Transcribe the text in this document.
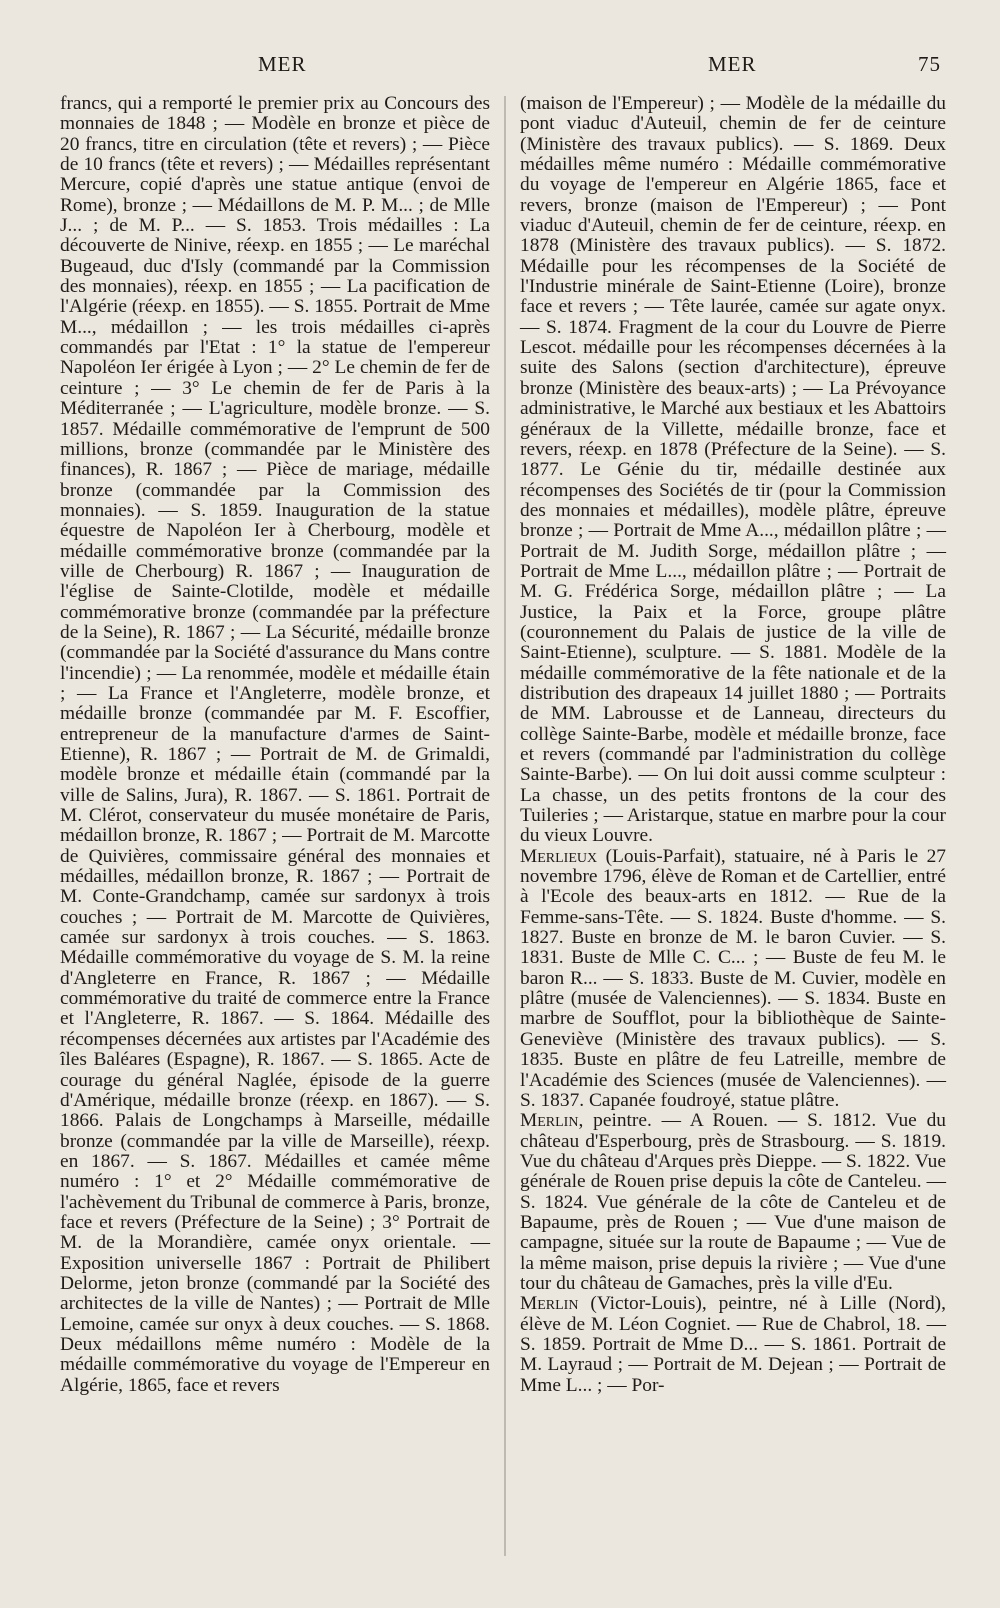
MER	MER	75

francs, qui a remporté le premier prix au Concours des monnaies de 1848 ; — Modèle en bronze et pièce de 20 francs, titre en circulation (tête et revers) ; — Pièce de 10 francs (tête et revers) ; — Médailles représentant Mercure, copié d'après une statue antique (envoi de Rome), bronze ; — Médaillons de M. P. M... ; de Mlle J... ; de M. P... — S. 1853. Trois médailles : La découverte de Ninive, réexp. en 1855 ; — Le maréchal Bugeaud, duc d'Isly (commandé par la Commission des monnaies), réexp. en 1855 ; — La pacification de l'Algérie (réexp. en 1855). — S. 1855. Portrait de Mme M..., médaillon ; — les trois médailles ci-après commandés par l'Etat : 1° la statue de l'empereur Napoléon Ier érigée à Lyon ; — 2° Le chemin de fer de ceinture ; — 3° Le chemin de fer de Paris à la Méditerranée ; — L'agriculture, modèle bronze. — S. 1857. Médaille commémorative de l'emprunt de 500 millions, bronze (commandée par le Ministère des finances), R. 1867 ; — Pièce de mariage, médaille bronze (commandée par la Commission des monnaies). — S. 1859. Inauguration de la statue équestre de Napoléon Ier à Cherbourg, modèle et médaille commémorative bronze (commandée par la ville de Cherbourg) R. 1867 ; — Inauguration de l'église de Sainte-Clotilde, modèle et médaille commémorative bronze (commandée par la préfecture de la Seine), R. 1867 ; — La Sécurité, médaille bronze (commandée par la Société d'assurance du Mans contre l'incendie) ; — La renommée, modèle et médaille étain ; — La France et l'Angleterre, modèle bronze, et médaille bronze (commandée par M. F. Escoffier, entrepreneur de la manufacture d'armes de Saint-Etienne), R. 1867 ; — Portrait de M. de Grimaldi, modèle bronze et médaille étain (commandé par la ville de Salins, Jura), R. 1867. — S. 1861. Portrait de M. Clérot, conservateur du musée monétaire de Paris, médaillon bronze, R. 1867 ; — Portrait de M. Marcotte de Quivières, commissaire général des monnaies et médailles, médaillon bronze, R. 1867 ; — Portrait de M. Conte-Grandchamp, camée sur sardonyx à trois couches ; — Portrait de M. Marcotte de Quivières, camée sur sardonyx à trois couches. — S. 1863. Médaille commémorative du voyage de S. M. la reine d'Angleterre en France, R. 1867 ; — Médaille commémorative du traité de commerce entre la France et l'Angleterre, R. 1867. — S. 1864. Médaille des récompenses décernées aux artistes par l'Académie des îles Baléares (Espagne), R. 1867. — S. 1865. Acte de courage du général Naglée, épisode de la guerre d'Amérique, médaille bronze (réexp. en 1867). — S. 1866. Palais de Longchamps à Marseille, médaille bronze (commandée par la ville de Marseille), réexp. en 1867. — S. 1867. Médailles et camée même numéro : 1° et 2° Médaille commémorative de l'achèvement du Tribunal de commerce à Paris, bronze, face et revers (Préfecture de la Seine) ; 3° Portrait de M. de la Morandière, camée onyx orientale. — Exposition universelle 1867 : Portrait de Philibert Delorme, jeton bronze (commandé par la Société des architectes de la ville de Nantes) ; — Portrait de Mlle Lemoine, camée sur onyx à deux couches. — S. 1868. Deux médaillons même numéro : Modèle de la médaille commémorative du voyage de l'Empereur en Algérie, 1865, face et revers

(maison de l'Empereur) ; — Modèle de la médaille du pont viaduc d'Auteuil, chemin de fer de ceinture (Ministère des travaux publics). — S. 1869. Deux médailles même numéro : Médaille commémorative du voyage de l'empereur en Algérie 1865, face et revers, bronze (maison de l'Empereur) ; — Pont viaduc d'Auteuil, chemin de fer de ceinture, réexp. en 1878 (Ministère des travaux publics). — S. 1872. Médaille pour les récompenses de la Société de l'Industrie minérale de Saint-Etienne (Loire), bronze face et revers ; — Tête laurée, camée sur agate onyx. — S. 1874. Fragment de la cour du Louvre de Pierre Lescot. médaille pour les récompenses décernées à la suite des Salons (section d'architecture), épreuve bronze (Ministère des beaux-arts) ; — La Prévoyance administrative, le Marché aux bestiaux et les Abattoirs généraux de la Villette, médaille bronze, face et revers, réexp. en 1878 (Préfecture de la Seine). — S. 1877. Le Génie du tir, médaille destinée aux récompenses des Sociétés de tir (pour la Commission des monnaies et médailles), modèle plâtre, épreuve bronze ; — Portrait de Mme A..., médaillon plâtre ; — Portrait de M. Judith Sorge, médaillon plâtre ; — Portrait de Mme L..., médaillon plâtre ; — Portrait de M. G. Frédérica Sorge, médaillon plâtre ; — La Justice, la Paix et la Force, groupe plâtre (couronnement du Palais de justice de la ville de Saint-Etienne), sculpture. — S. 1881. Modèle de la médaille commémorative de la fête nationale et de la distribution des drapeaux 14 juillet 1880 ; — Portraits de MM. Labrousse et de Lanneau, directeurs du collège Sainte-Barbe, modèle et médaille bronze, face et revers (commandé par l'administration du collège Sainte-Barbe). — On lui doit aussi comme sculpteur : La chasse, un des petits frontons de la cour des Tuileries ; — Aristarque, statue en marbre pour la cour du vieux Louvre.

Merlieux (Louis-Parfait), statuaire, né à Paris le 27 novembre 1796, élève de Roman et de Cartellier, entré à l'Ecole des beaux-arts en 1812. — Rue de la Femme-sans-Tête. — S. 1824. Buste d'homme. — S. 1827. Buste en bronze de M. le baron Cuvier. — S. 1831. Buste de Mlle C. C... ; — Buste de feu M. le baron R... — S. 1833. Buste de M. Cuvier, modèle en plâtre (musée de Valenciennes). — S. 1834. Buste en marbre de Soufflot, pour la bibliothèque de Sainte-Geneviève (Ministère des travaux publics). — S. 1835. Buste en plâtre de feu Latreille, membre de l'Académie des Sciences (musée de Valenciennes). — S. 1837. Capanée foudroyé, statue plâtre.

Merlin, peintre. — A Rouen. — S. 1812. Vue du château d'Esperbourg, près de Strasbourg. — S. 1819. Vue du château d'Arques près Dieppe. — S. 1822. Vue générale de Rouen prise depuis la côte de Canteleu. — S. 1824. Vue générale de la côte de Canteleu et de Bapaume, près de Rouen ; — Vue d'une maison de campagne, située sur la route de Bapaume ; — Vue de la même maison, prise depuis la rivière ; — Vue d'une tour du château de Gamaches, près la ville d'Eu.

Merlin (Victor-Louis), peintre, né à Lille (Nord), élève de M. Léon Cogniet. — Rue de Chabrol, 18. — S. 1859. Portrait de Mme D... — S. 1861. Portrait de M. Layraud ; — Portrait de M. Dejean ; — Portrait de Mme L... ; — Por-
